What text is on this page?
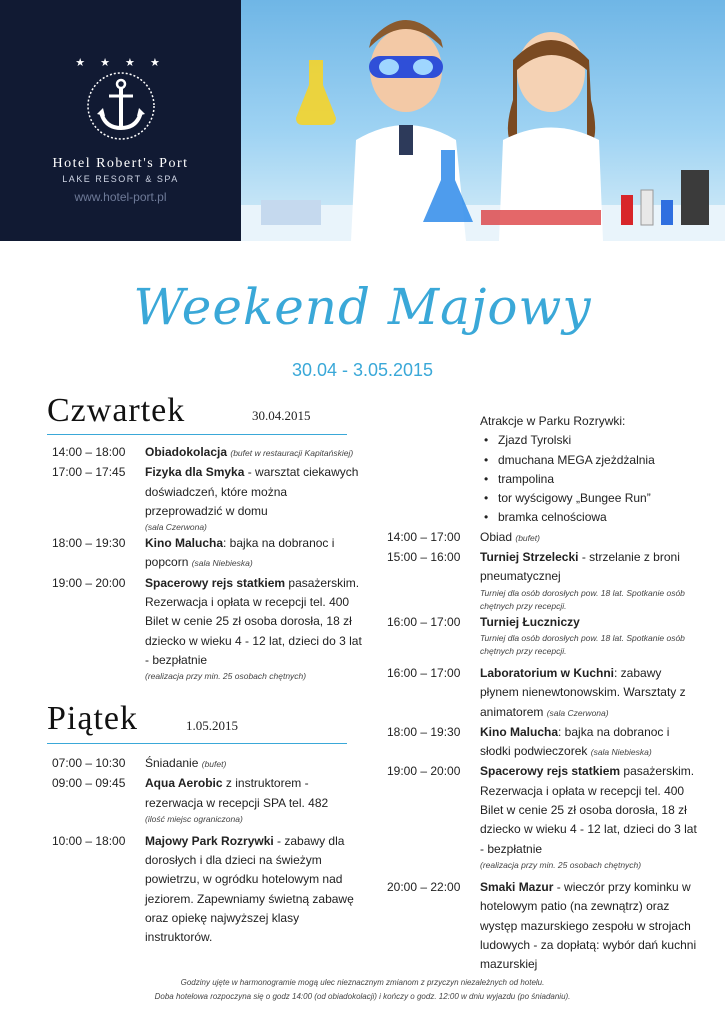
★ ★ ★ ★
Hotel Robert's Port
LAKE RESORT & SPA
www.hotel-port.pl
Weekend Majowy
30.04 - 3.05.2015
Czwartek	30.04.2015
14:00 – 18:00	Obiadokolacja (bufet w restauracji Kapitańskiej)
17:00 – 17:45	Fizyka dla Smyka - warsztat ciekawych doświadczeń, które można przeprowadzić w domu
(sala Czerwona)
18:00 – 19:30	Kino Malucha: bajka na dobranoc i popcorn (sala Niebieska)
19:00 – 20:00	Spacerowy rejs statkiem pasażerskim. Rezerwacja i opłata w recepcji tel. 400 Bilet w cenie 25 zł osoba dorosła, 18 zł dziecko w wieku 4 - 12 lat, dzieci do 3 lat - bezpłatnie
(realizacja przy min. 25 osobach chętnych)
Piątek	1.05.2015
07:00 – 10:30	Śniadanie (bufet)
09:00 – 09:45	Aqua Aerobic z instruktorem - rezerwacja w recepcji SPA tel. 482
(ilość miejsc ograniczona)
10:00 – 18:00	Majowy Park Rozrywki - zabawy dla dorosłych i dla dzieci na świeżym powietrzu, w ogródku hotelowym nad jeziorem. Zapewniamy świetną zabawę oraz opiekę najwyższej klasy instruktorów.
Atrakcje w Parku Rozrywki:
• Zjazd Tyrolski
• dmuchana MEGA zjeżdżalnia
• trampolina
• tor wyścigowy „Bungee Run”
• bramka celnościowa
14:00 – 17:00	Obiad (bufet)
15:00 – 16:00	Turniej Strzelecki - strzelanie z broni pneumatycznej
Turniej dla osób dorosłych pow. 18 lat. Spotkanie osób chętnych przy recepcji.
16:00 – 17:00	Turniej Łuczniczy
Turniej dla osób dorosłych pow. 18 lat. Spotkanie osób chętnych przy recepcji.
16:00 – 17:00	Laboratorium w Kuchni: zabawy płynem nienewtonowskim. Warsztaty z animatorem (sala Czerwona)
18:00 – 19:30	Kino Malucha: bajka na dobranoc i słodki podwieczorek (sala Niebieska)
19:00 – 20:00	Spacerowy rejs statkiem pasażerskim. Rezerwacja i opłata w recepcji tel. 400 Bilet w cenie 25 zł osoba dorosła, 18 zł dziecko w wieku 4 - 12 lat, dzieci do 3 lat - bezpłatnie
(realizacja przy min. 25 osobach chętnych)
20:00 – 22:00	Smaki Mazur - wieczór przy kominku w hotelowym patio (na zewnątrz) oraz występ mazurskiego zespołu w strojach ludowych - za dopłatą: wybór dań kuchni mazurskiej
Godziny ujęte w harmonogramie mogą ulec nieznacznym zmianom z przyczyn niezależnych od hotelu.
Doba hotelowa rozpoczyna się o godz 14:00 (od obiadokolacji) i kończy o godz. 12:00 w dniu wyjazdu (po śniadaniu).
